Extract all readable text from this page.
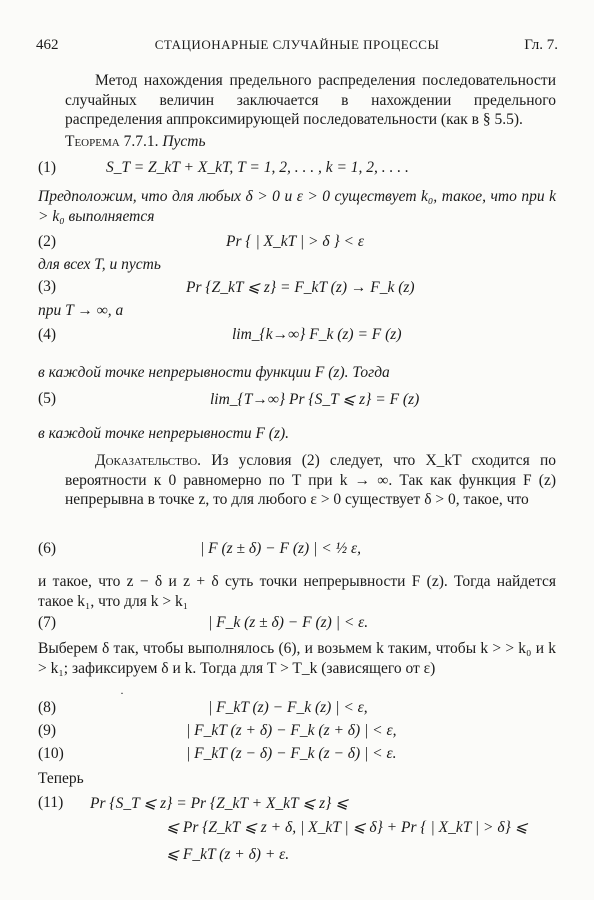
462	СТАЦИОНАРНЫЕ СЛУЧАЙНЫЕ ПРОЦЕССЫ	Гл. 7.
Метод нахождения предельного распределения последовательности случайных величин заключается в нахождении предельного распределения аппроксимирующей последовательности (как в § 5.5).
Теорема 7.7.1. Пусть
(1)	S_T = Z_kT + X_kT, T = 1, 2, . . . , k = 1, 2, . . . .
Предположим, что для любых δ > 0 и ε > 0 существует k₀, такое, что при k > k₀ выполняется
(2)	Pr { | X_kT | > δ } < ε
для всех T, и пусть
(3)	Pr {Z_kT ⩽ z} = F_kT (z) → F_k (z)
при T → ∞, а
(4)	lim_{k→∞} F_k (z) = F (z)
в каждой точке непрерывности функции F (z). Тогда
(5)	lim_{T→∞} Pr {S_T ⩽ z} = F (z)
в каждой точке непрерывности F (z).
Доказательство. Из условия (2) следует, что X_kT сходится по вероятности к 0 равномерно по T при k → ∞. Так как функция F (z) непрерывна в точке z, то для любого ε > 0 существует δ > 0, такое, что
(6)	| F (z ± δ) − F (z) | < ½ ε,
и такое, что z − δ и z + δ суть точки непрерывности F (z). Тогда найдется такое k₁, что для k > k₁
(7)	| F_k (z ± δ) − F (z) | < ε.
Выберем δ так, чтобы выполнялось (6), и возьмем k таким, чтобы k > > k₀ и k > k₁; зафиксируем δ и k. Тогда для T > T_k (зависящего от ε)
·
(8)	| F_kT (z) − F_k (z) | < ε,
(9)	| F_kT (z + δ) − F_k (z + δ) | < ε,
(10)	| F_kT (z − δ) − F_k (z − δ) | < ε.
Теперь
(11) Pr {S_T ⩽ z} = Pr {Z_kT + X_kT ⩽ z} ⩽
⩽ Pr {Z_kT ⩽ z + δ, | X_kT | ⩽ δ} + Pr { | X_kT | > δ} ⩽
⩽ F_kT (z + δ) + ε.
